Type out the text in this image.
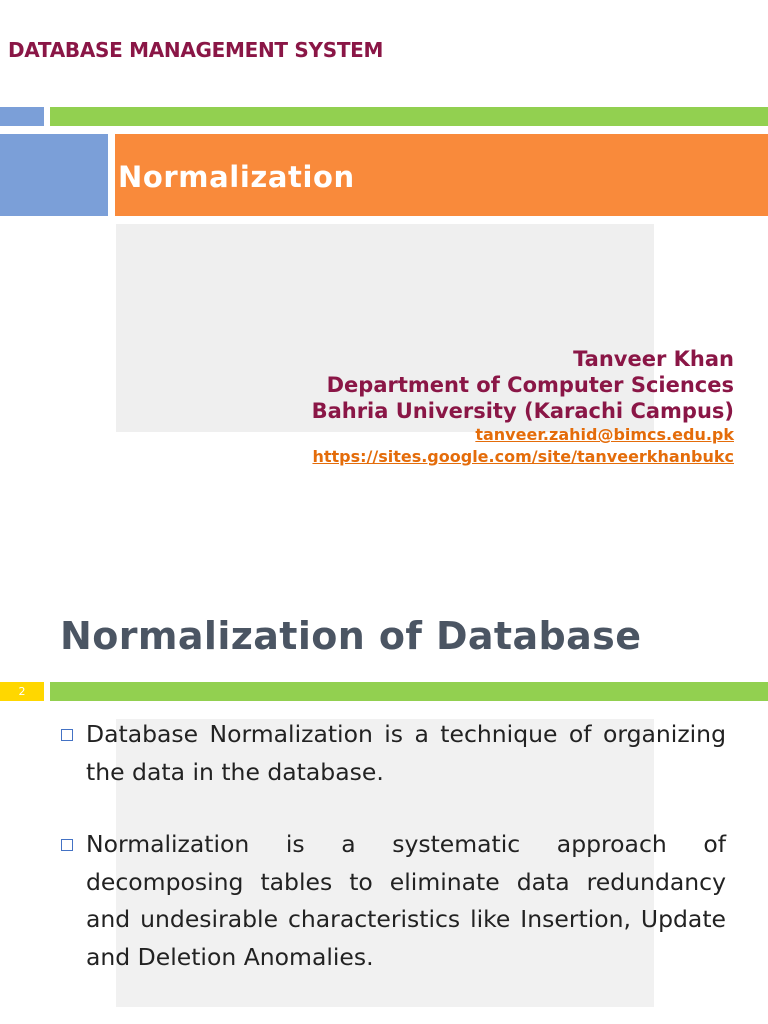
DATABASE MANAGEMENT SYSTEM
Normalization
Tanveer Khan
Department of Computer Sciences
Bahria University (Karachi Campus)
tanveer.zahid@bimcs.edu.pk
https://sites.google.com/site/tanveerkhanbukc
Normalization of Database
2
Database Normalization is a technique of organizing the data in the database.
Normalization is a systematic approach of decomposing tables to eliminate data redundancy and undesirable characteristics like Insertion, Update and Deletion Anomalies.
